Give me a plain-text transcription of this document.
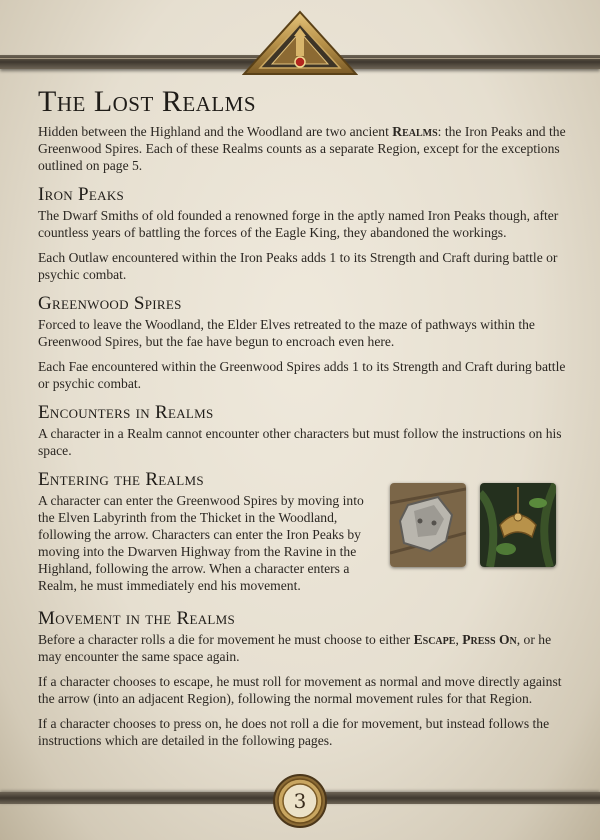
The Lost Realms

Hidden between the Highland and the Woodland are two ancient Realms: the Iron Peaks and the Greenwood Spires. Each of these Realms counts as a separate Region, except for the exceptions outlined on page 5.

Iron Peaks

The Dwarf Smiths of old founded a renowned forge in the aptly named Iron Peaks though, after countless years of battling the forces of the Eagle King, they abandoned the workings.

Each Outlaw encountered within the Iron Peaks adds 1 to its Strength and Craft during battle or psychic combat.

Greenwood Spires

Forced to leave the Woodland, the Elder Elves retreated to the maze of pathways within the Greenwood Spires, but the fae have begun to encroach even here.

Each Fae encountered within the Greenwood Spires adds 1 to its Strength and Craft during battle or psychic combat.

Encounters in Realms

A character in a Realm cannot encounter other characters but must follow the instructions on his space.

Entering the Realms

A character can enter the Greenwood Spires by moving into the Elven Labyrinth from the Thicket in the Woodland, following the arrow. Characters can enter the Iron Peaks by moving into the Dwarven Highway from the Ravine in the Highland, following the arrow. When a character enters a Realm, he must immediately end his movement.

Movement in the Realms

Before a character rolls a die for movement he must choose to either Escape, Press On, or he may encounter the same space again.

If a character chooses to escape, he must roll for movement as normal and move directly against the arrow (into an adjacent Region), following the normal movement rules for that Region.

If a character chooses to press on, he does not roll a die for movement, but instead follows the instructions which are detailed in the following pages.

3
